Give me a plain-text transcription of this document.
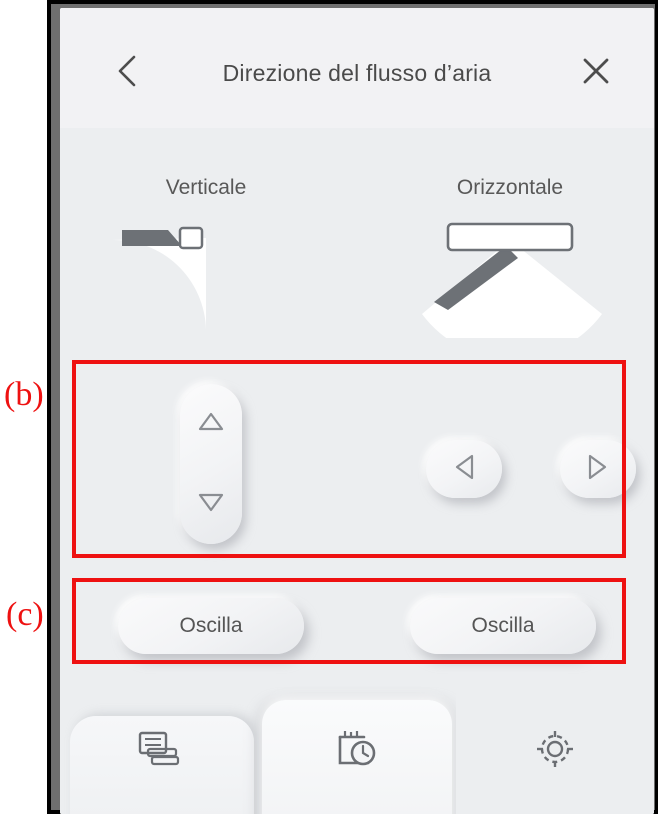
Direzione del flusso d’aria
Verticale	Orizzontale
Oscilla	Oscilla
(b)
(c)
